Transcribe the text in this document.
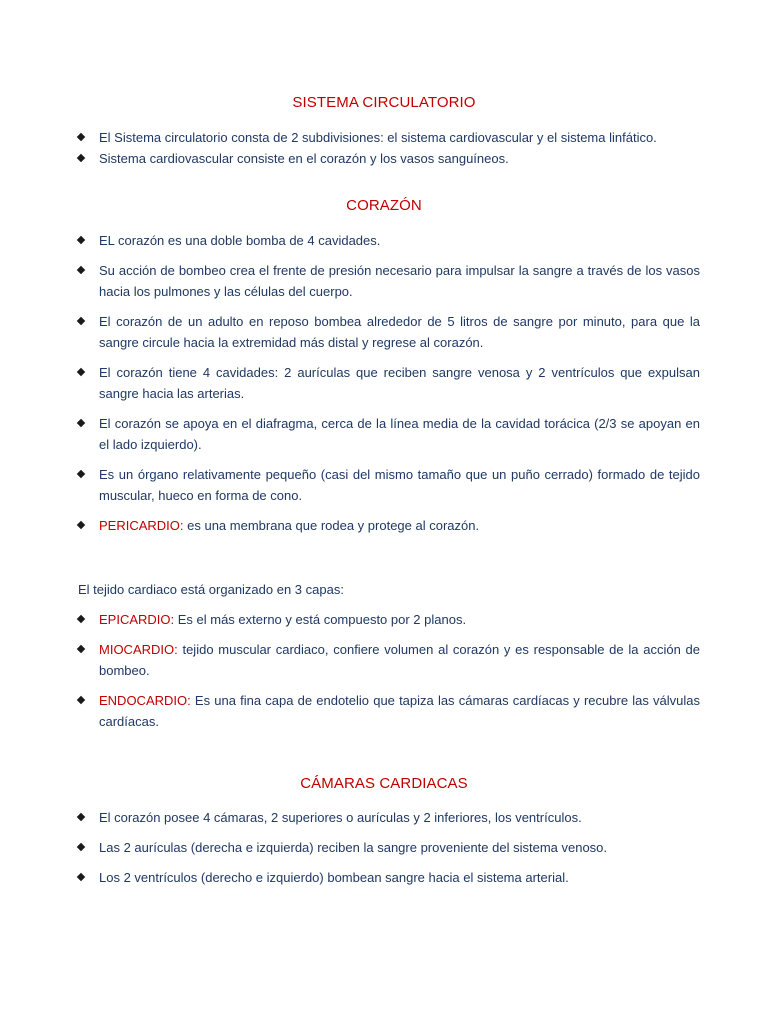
SISTEMA CIRCULATORIO
El Sistema circulatorio consta de 2 subdivisiones: el sistema cardiovascular y el sistema linfático.
Sistema cardiovascular consiste en el corazón y los vasos sanguíneos.
CORAZÓN
EL corazón es una doble bomba de 4 cavidades.
Su acción de bombeo crea el frente de presión necesario para impulsar la sangre a través de los vasos hacia los pulmones y las células del cuerpo.
El corazón de un adulto en reposo bombea alrededor de 5 litros de sangre por minuto, para que la sangre circule hacia la extremidad más distal y regrese al corazón.
El corazón tiene 4 cavidades: 2 aurículas que reciben sangre venosa y 2 ventrículos que expulsan sangre hacia las arterias.
El corazón se apoya en el diafragma, cerca de la línea media de la cavidad torácica (2/3 se apoyan en el lado izquierdo).
Es un órgano relativamente pequeño (casi del mismo tamaño que un puño cerrado) formado de tejido muscular, hueco en forma de cono.
PERICARDIO: es una membrana que rodea y protege al corazón.
El tejido cardiaco está organizado en 3 capas:
EPICARDIO: Es el más externo y está compuesto por 2 planos.
MIOCARDIO: tejido muscular cardiaco, confiere volumen al corazón y es responsable de la acción de bombeo.
ENDOCARDIO: Es una fina capa de endotelio que tapiza las cámaras cardíacas y recubre las válvulas cardíacas.
CÁMARAS CARDIACAS
El corazón posee 4 cámaras, 2 superiores o aurículas y 2 inferiores, los ventrículos.
Las 2 aurículas (derecha e izquierda) reciben la sangre proveniente del sistema venoso.
Los 2 ventrículos (derecho e izquierdo) bombean sangre hacia el sistema arterial.
